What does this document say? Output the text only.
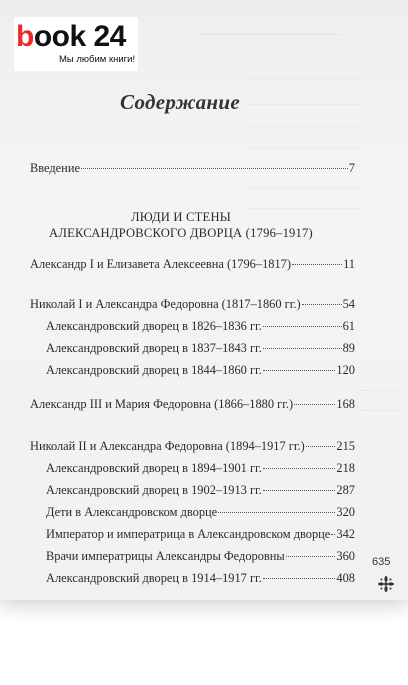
book 24
Мы любим книги!
Содержание
Введение	7
ЛЮДИ И СТЕНЫ
АЛЕКСАНДРОВСКОГО ДВОРЦА (1796–1917)
Александр I и Елизавета Алексеевна (1796–1817)	11
Николай I и Александра Федоровна (1817–1860 гг.)	54
Александровский дворец в 1826–1836 гг.	61
Александровский дворец в 1837–1843 гг.	89
Александровский дворец в 1844–1860 гг.	120
Александр III и Мария Федоровна (1866–1880 гг.)	168
Николай II и Александра Федоровна (1894–1917 гг.)	215
Александровский дворец в 1894–1901 гг.	218
Александровский дворец в 1902–1913 гг.	287
Дети в Александровском дворце	320
Император и императрица в Александровском дворце 342
Врачи императрицы Александры Федоровны	360
Александровский дворец в 1914–1917 гг.	408
635
